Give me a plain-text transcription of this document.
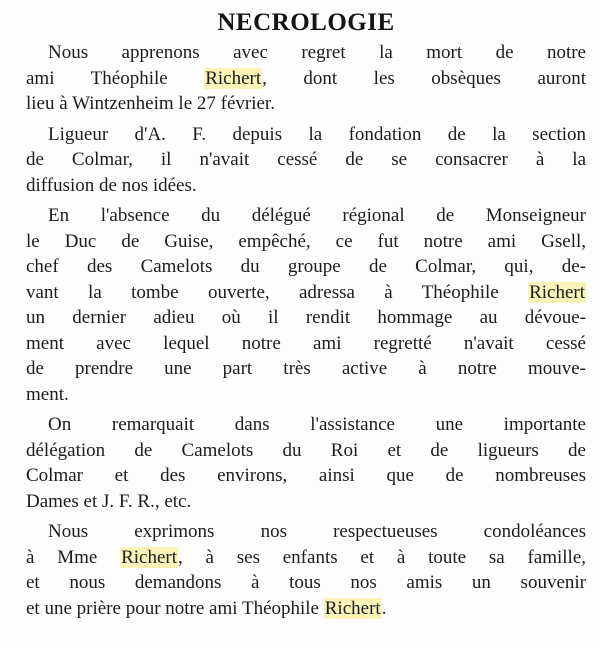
NECROLOGIE
Nous apprenons avec regret la mort de notre
ami Théophile Richert, dont les obsèques auront
lieu à Wintzenheim le 27 février.
Ligueur d'A. F. depuis la fondation de la section
de Colmar, il n'avait cessé de se consacrer à la
diffusion de nos idées.
En l'absence du délégué régional de Monseigneur
le Duc de Guise, empêché, ce fut notre ami Gsell,
chef des Camelots du groupe de Colmar, qui, de-
vant la tombe ouverte, adressa à Théophile Richert
un dernier adieu où il rendit hommage au dévoue-
ment avec lequel notre ami regretté n'avait cessé
de prendre une part très active à notre mouve-
ment.
On remarquait dans l'assistance une importante
délégation de Camelots du Roi et de ligueurs de
Colmar et des environs, ainsi que de nombreuses
Dames et J. F. R., etc.
Nous exprimons nos respectueuses condoléances
à Mme Richert, à ses enfants et à toute sa famille,
et nous demandons à tous nos amis un souvenir
et une prière pour notre ami Théophile Richert.
